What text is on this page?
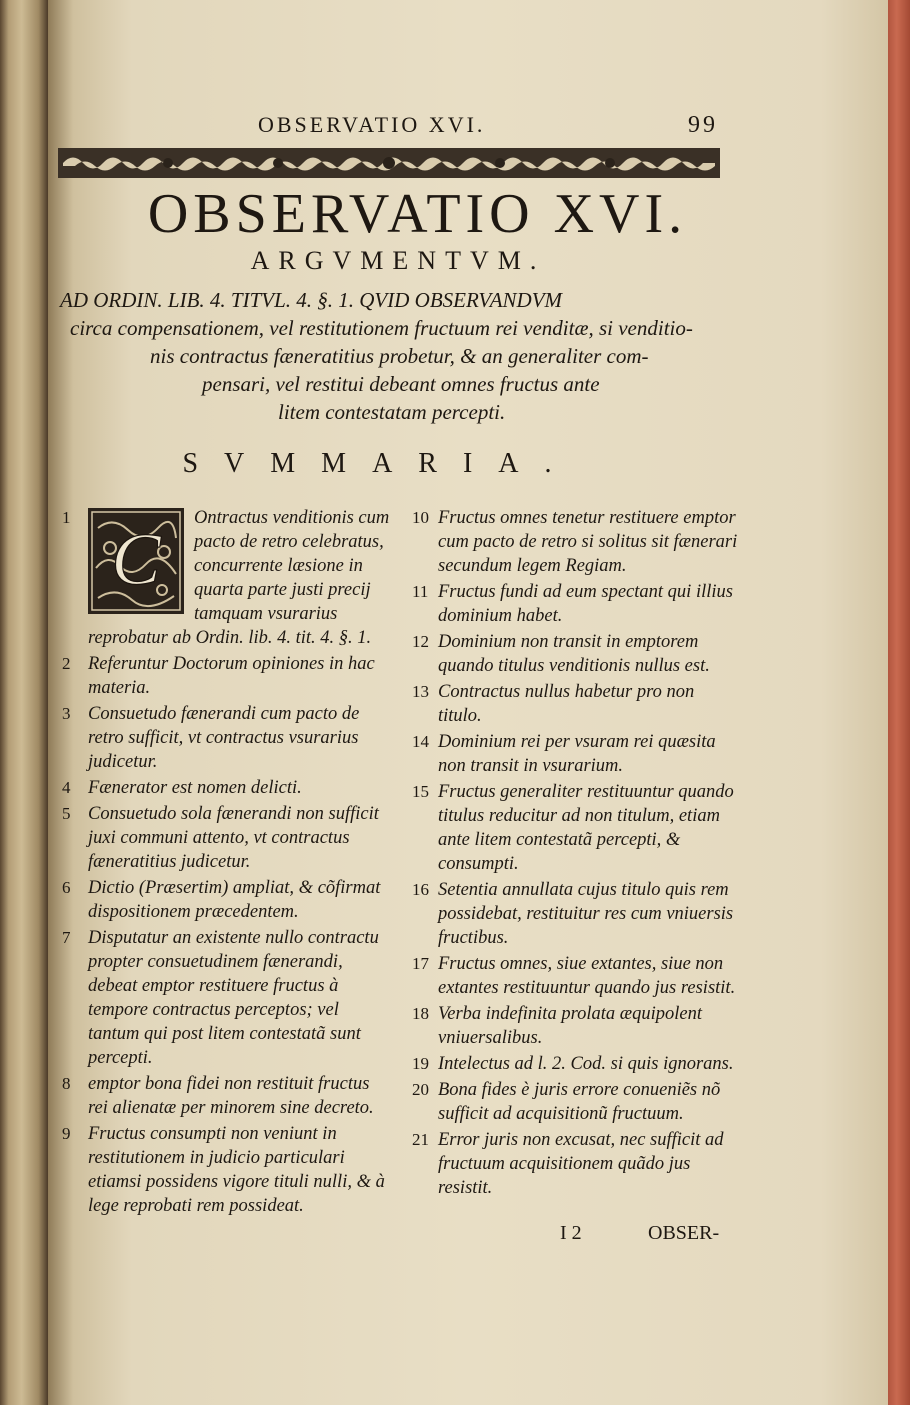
OBSERVATIO XVI.	99
OBSERVATIO XVI.
ARGVMENTVM.
AD ORDIN. LIB. 4. TITVL. 4. §. 1. QVID OBSERVANDVM
circa compensationem, vel restitutionem fructuum rei venditæ, si venditio-
nis contractus fæneratitius probetur, & an generaliter com-
pensari, vel restitui debeant omnes fructus ante
litem contestatam percepti.
SVMMARIA.
1
C
Ontractus venditionis cum pacto de retro celebratus, concurrente læsione in quarta parte justi precij tamquam vsurarius reprobatur ab Ordin. lib. 4. tit. 4. §. 1.
2 Referuntur Doctorum opiniones in hac materia.
3 Consuetudo fænerandi cum pacto de retro sufficit, vt contractus vsurarius judicetur.
4 Fænerator est nomen delicti.
5 Consuetudo sola fænerandi non sufficit juxi communi attento, vt contractus fæneratitius judicetur.
6 Dictio (Præsertim) ampliat, & cõfirmat dispositionem præcedentem.
7 Disputatur an existente nullo contractu propter consuetudinem fænerandi, debeat emptor restituere fructus à tempore contractus perceptos; vel tantum qui post litem contestatã sunt percepti.
8 emptor bona fidei non restituit fructus rei alienatæ per minorem sine decreto.
9 Fructus consumpti non veniunt in restitutionem in judicio particulari etiamsi possidens vigore tituli nulli, & à lege reprobati rem possideat.
10 Fructus omnes tenetur restituere emptor cum pacto de retro si solitus sit fænerari secundum legem Regiam.
11 Fructus fundi ad eum spectant qui illius dominium habet.
12 Dominium non transit in emptorem quando titulus venditionis nullus est.
13 Contractus nullus habetur pro non titulo.
14 Dominium rei per vsuram rei quæsita non transit in vsurarium.
15 Fructus generaliter restituuntur quando titulus reducitur ad non titulum, etiam ante litem contestatã percepti, & consumpti.
16 Setentia annullata cujus titulo quis rem possidebat, restituitur res cum vniuersis fructibus.
17 Fructus omnes, siue extantes, siue non extantes restituuntur quando jus resistit.
18 Verba indefinita prolata æquipolent vniuersalibus.
19 Intelectus ad l. 2. Cod. si quis ignorans.
20 Bona fides è juris errore conueniẽs nõ sufficit ad acquisitionũ fructuum.
21 Error juris non excusat, nec sufficit ad fructuum acquisitionem quãdo jus resistit.
I 2	OBSER-
